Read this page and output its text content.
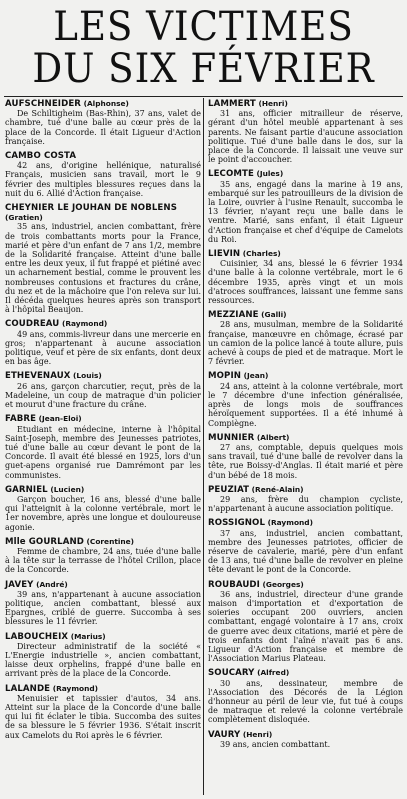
LES VICTIMES
DU SIX FÉVRIER
AUFSCHNEIDER (Alphonse)
De Schiltigheim (Bas-Rhin), 37 ans, valet de chambre, tué d'une balle au cœur près de la place de la Concorde. Il était Ligueur d'Action française.
CAMBO COSTA
42 ans, d'origine hellénique, naturalisé Français, musicien sans travail, mort le 9 février des multiples blessures reçues dans la nuit du 6. Allié d'Action française.
CHEYNIER LE JOUHAN DE NOBLENS (Gratien)
35 ans, industriel, ancien combattant, frère de trois combattants morts pour la France, marié et père d'un enfant de 7 ans 1/2, membre de la Solidarité française. Atteint d'une balle entre les deux yeux, il fut frappé et piétiné avec un acharnement bestial, comme le prouvent les nombreuses contusions et fractures du crâne, du nez et de la mâchoire que l'on releva sur lui. Il décéda quelques heures après son transport à l'hôpital Beaujon.
COUDREAU (Raymond)
49 ans, commis-livreur dans une mercerie en gros; n'appartenant à aucune association politique, veuf et père de six enfants, dont deux en bas âge.
ETHEVENAUX (Louis)
26 ans, garçon charcutier, reçut, près de la Madeleine, un coup de matraque d'un policier et mourut d'une fracture du crâne.
FABRE (Jean-Eloi)
Etudiant en médecine, interne à l'hôpital Saint-Joseph, membre des Jeunesses patriotes, tué d'une balle au cœur devant le pont de la Concorde. Il avait été blessé en 1925, lors d'un guet-apens organisé rue Damrémont par les communistes.
GARNIEL (Lucien)
Garçon boucher, 16 ans, blessé d'une balle qui l'atteignit à la colonne vertébrale, mort le 1er novembre, après une longue et douloureuse agonie.
Mlle GOURLAND (Corentine)
Femme de chambre, 24 ans, tuée d'une balle à la tête sur la terrasse de l'hôtel Crillon, place de la Concorde.
JAVEY (André)
39 ans, n'appartenant à aucune association politique, ancien combattant, blessé aux Epargnes, criblé de guerre. Succomba à ses blessures le 11 février.
LABOUCHEIX (Marius)
Directeur administratif de la société « L'Energie industrielle », ancien combattant, laisse deux orphelins, frappé d'une balle en arrivant près de la place de la Concorde.
LALANDE (Raymond)
Menuisier et tapissier d'autos, 34 ans. Atteint sur la place de la Concorde d'une balle qui lui fit éclater le tibia. Succomba des suites de sa blessure le 5 février 1936. S'était inscrit aux Camelots du Roi après le 6 février.
LAMMERT (Henri)
31 ans, officier mitrailleur de réserve, gérant d'un hôtel meublé appartenant à ses parents. Ne faisant partie d'aucune association politique. Tué d'une balle dans le dos, sur la place de la Concorde. Il laissait une veuve sur le point d'accoucher.
LECOMTE (Jules)
35 ans, engagé dans la marine à 19 ans, embarqué sur les patrouilleurs de la division de la Loire, ouvrier à l'usine Renault, succomba le 13 février, n'ayant reçu une balle dans le ventre. Marié, sans enfant, il était Ligueur d'Action française et chef d'équipe de Camelots du Roi.
LIEVIN (Charles)
Cuisinier, 34 ans, blessé le 6 février 1934 d'une balle à la colonne vertébrale, mort le 6 décembre 1935, après vingt et un mois d'atroces souffrances, laissant une femme sans ressources.
MEZZIANE (Galli)
28 ans, musulman, membre de la Solidarité française, manœuvre en chômage, écrasé par un camion de la police lancé à toute allure, puis achevé à coups de pied et de matraque. Mort le 7 février.
MOPIN (Jean)
24 ans, atteint à la colonne vertébrale, mort le 7 décembre d'une infection généralisée, après de longs mois de souffrances héroïquement supportées. Il a été inhumé à Compiègne.
MUNNIER (Albert)
27 ans, comptable, depuis quelques mois sans travail, tué d'une balle de revolver dans la tête, rue Boissy-d'Anglas. Il était marié et père d'un bébé de 18 mois.
PEUZIAT (René-Alain)
29 ans, frère du champion cycliste, n'appartenant à aucune association politique.
ROSSIGNOL (Raymond)
37 ans, industriel, ancien combattant, membre des Jeunesses patriotes, officier de réserve de cavalerie, marié, père d'un enfant de 13 ans, tué d'une balle de revolver en pleine tête devant le pont de la Concorde.
ROUBAUDI (Georges)
36 ans, industriel, directeur d'une grande maison d'importation et d'exportation de soieries occupant 200 ouvriers, ancien combattant, engagé volontaire à 17 ans, croix de guerre avec deux citations, marié et père de trois enfants dont l'aîné n'avait pas 6 ans. Ligueur d'Action française et membre de l'Association Marius Plateau.
SOUCARY (Alfred)
30 ans, dessinateur, membre de l'Association des Décorés de la Légion d'honneur au péril de leur vie, fut tué à coups de matraque et relevé la colonne vertébrale complètement disloquée.
VAURY (Henri)
39 ans, ancien combattant.
